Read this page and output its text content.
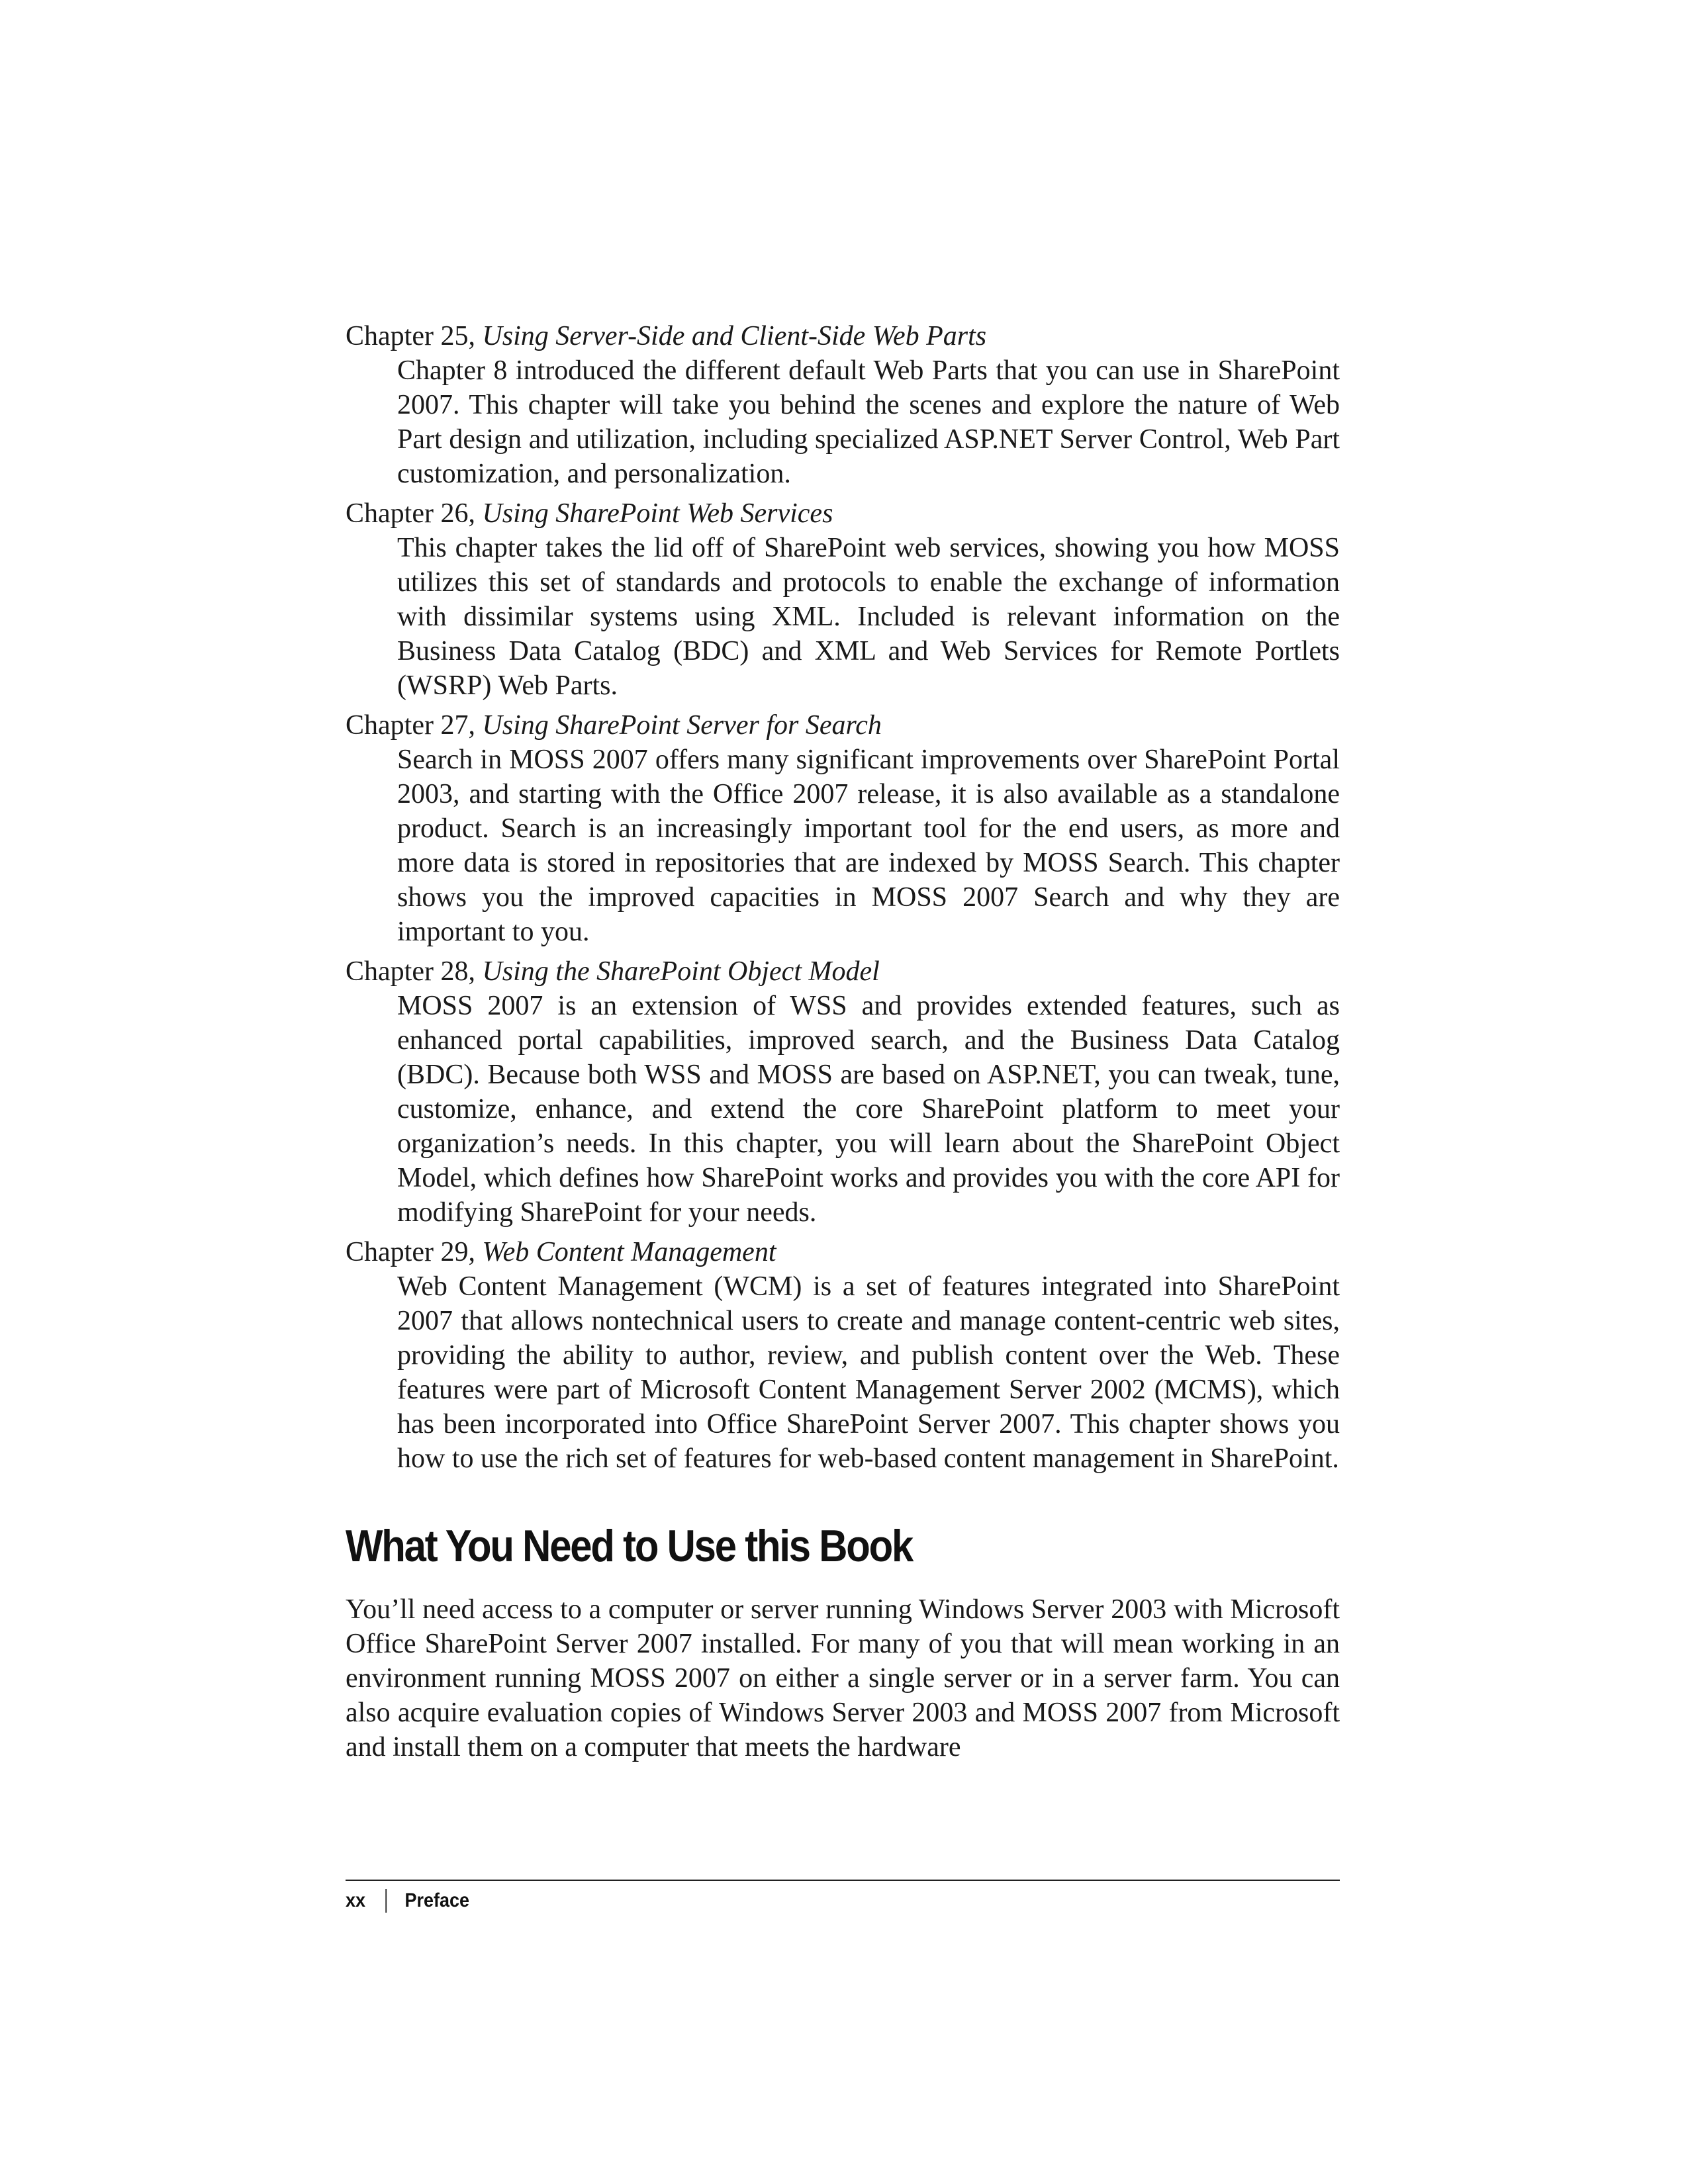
Chapter 25, Using Server-Side and Client-Side Web Parts

Chapter 8 introduced the different default Web Parts that you can use in SharePoint 2007. This chapter will take you behind the scenes and explore the nature of Web Part design and utilization, including specialized ASP.NET Server Control, Web Part customization, and personalization.

Chapter 26, Using SharePoint Web Services

This chapter takes the lid off of SharePoint web services, showing you how MOSS utilizes this set of standards and protocols to enable the exchange of information with dissimilar systems using XML. Included is relevant information on the Business Data Catalog (BDC) and XML and Web Services for Remote Portlets (WSRP) Web Parts.

Chapter 27, Using SharePoint Server for Search

Search in MOSS 2007 offers many significant improvements over SharePoint Portal 2003, and starting with the Office 2007 release, it is also available as a standalone product. Search is an increasingly important tool for the end users, as more and more data is stored in repositories that are indexed by MOSS Search. This chapter shows you the improved capacities in MOSS 2007 Search and why they are important to you.

Chapter 28, Using the SharePoint Object Model

MOSS 2007 is an extension of WSS and provides extended features, such as enhanced portal capabilities, improved search, and the Business Data Catalog (BDC). Because both WSS and MOSS are based on ASP.NET, you can tweak, tune, customize, enhance, and extend the core SharePoint platform to meet your organization’s needs. In this chapter, you will learn about the SharePoint Object Model, which defines how SharePoint works and provides you with the core API for modifying SharePoint for your needs.

Chapter 29, Web Content Management

Web Content Management (WCM) is a set of features integrated into SharePoint 2007 that allows nontechnical users to create and manage content-centric web sites, providing the ability to author, review, and publish content over the Web. These features were part of Microsoft Content Management Server 2002 (MCMS), which has been incorporated into Office SharePoint Server 2007. This chapter shows you how to use the rich set of features for web-based content management in SharePoint.

What You Need to Use this Book

You’ll need access to a computer or server running Windows Server 2003 with Microsoft Office SharePoint Server 2007 installed. For many of you that will mean working in an environment running MOSS 2007 on either a single server or in a server farm. You can also acquire evaluation copies of Windows Server 2003 and MOSS 2007 from Microsoft and install them on a computer that meets the hardware

xx Preface
